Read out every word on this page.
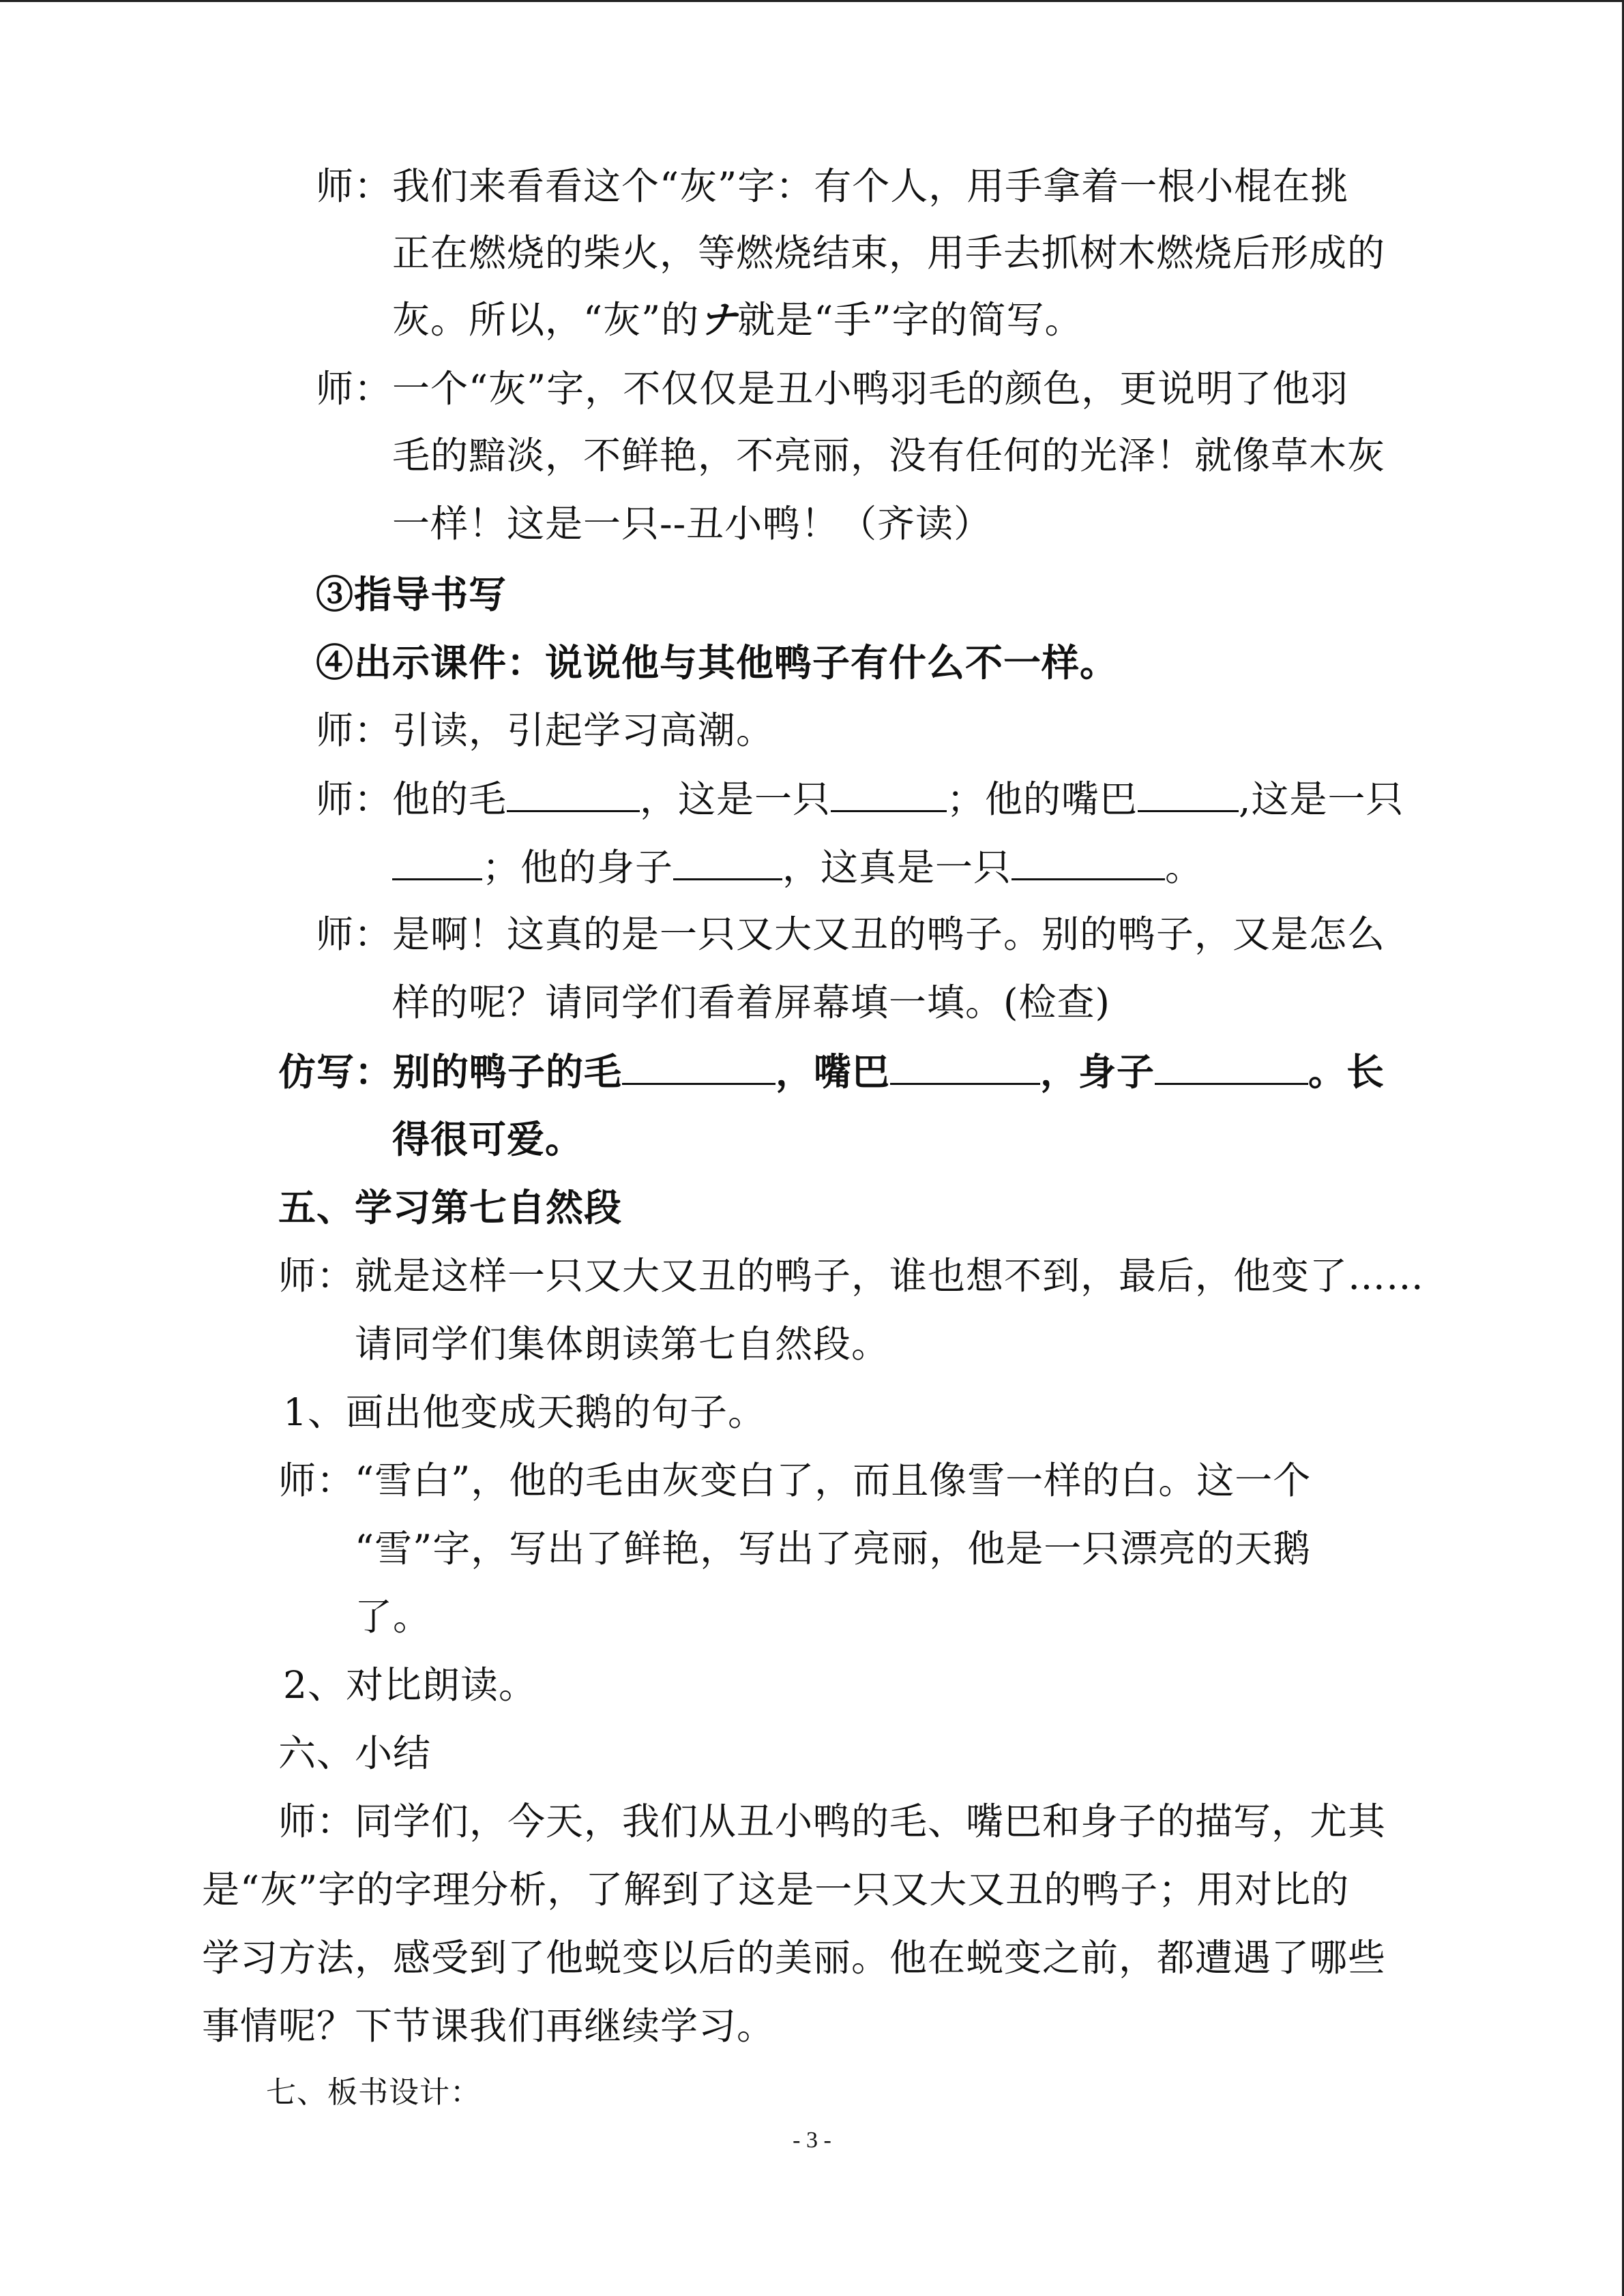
师：我们来看看这个“灰”字：有个人，用手拿着一根小棍在挑
正在燃烧的柴火，等燃烧结束，用手去抓树木燃烧后形成的
灰。所以，“灰”的ナ就是“手”字的简写。
师：一个“灰”字，不仅仅是丑小鸭羽毛的颜色，更说明了他羽
毛的黯淡，不鲜艳，不亮丽，没有任何的光泽！就像草木灰
一样！这是一只--丑小鸭！（齐读）
③指导书写
④出示课件：说说他与其他鸭子有什么不一样。
师：引读，引起学习高潮。
师：他的毛	，这是一只	；他的嘴巴	,这是一只
；他的身子	，这真是一只	。
师：是啊！这真的是一只又大又丑的鸭子。别的鸭子，又是怎么
样的呢？请同学们看着屏幕填一填。(检查)
仿写：别的鸭子的毛	，嘴巴	，身子	。长
得很可爱。
五、学习第七自然段
师：就是这样一只又大又丑的鸭子，谁也想不到，最后，他变了……
请同学们集体朗读第七自然段。
1、画出他变成天鹅的句子。
师：“雪白”，他的毛由灰变白了，而且像雪一样的白。这一个
“雪”字，写出了鲜艳，写出了亮丽，他是一只漂亮的天鹅
了。
2、对比朗读。
六、小结
师：同学们，今天，我们从丑小鸭的毛、嘴巴和身子的描写，尤其
是“灰”字的字理分析，了解到了这是一只又大又丑的鸭子；用对比的
学习方法，感受到了他蜕变以后的美丽。他在蜕变之前，都遭遇了哪些
事情呢？下节课我们再继续学习。
七、板书设计：
- 3 -
